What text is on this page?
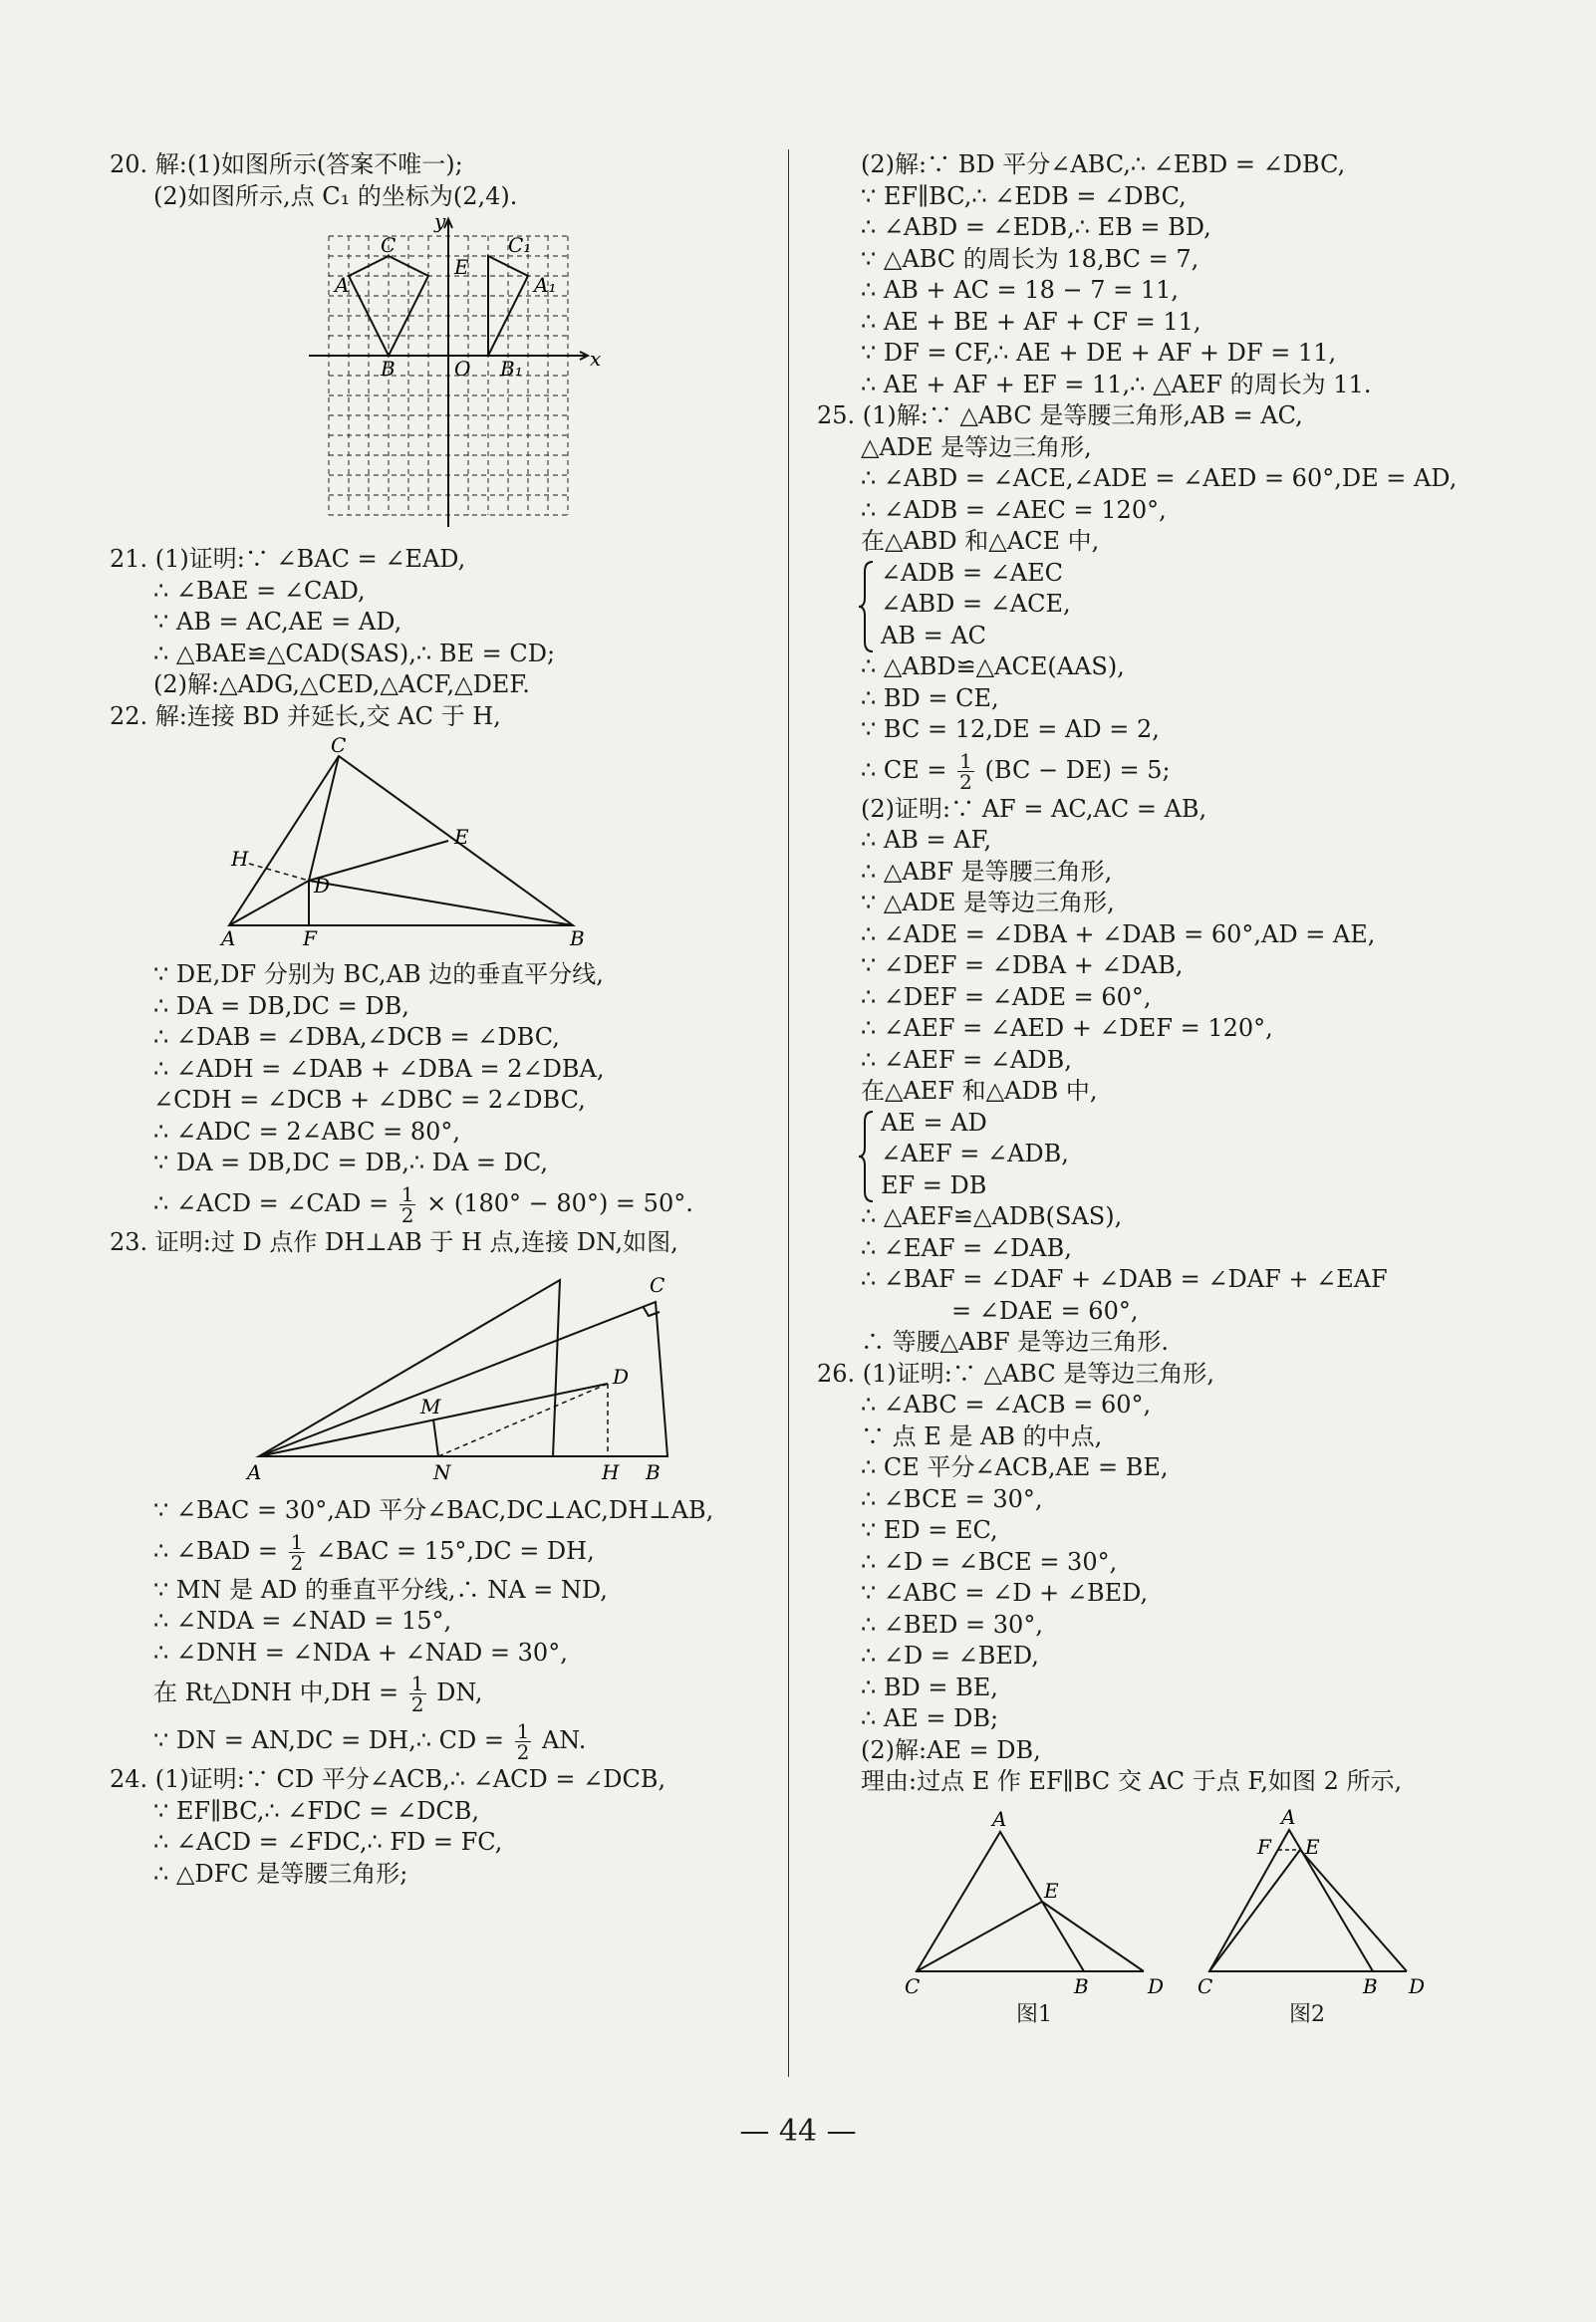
20. 解:(1)如图所示(答案不唯一);

(2)如图所示,点 C₁ 的坐标为(2,4).

y
x
C	C₁
E
A	A₁
B	O B₁

21. (1)证明:∵ ∠BAC = ∠EAD,

∴ ∠BAE = ∠CAD,

∵ AB = AC,AE = AD,

∴ △BAE≌△CAD(SAS),∴ BE = CD;

(2)解:△ADG,△CED,△ACF,△DEF.

22. 解:连接 BD 并延长,交 AC 于 H,

C
H
E
D
A	F	B

∵ DE,DF 分别为 BC,AB 边的垂直平分线,

∴ DA = DB,DC = DB,

∴ ∠DAB = ∠DBA,∠DCB = ∠DBC,

∴ ∠ADH = ∠DAB + ∠DBA = 2∠DBA,

∠CDH = ∠DCB + ∠DBC = 2∠DBC,

∴ ∠ADC = 2∠ABC = 80°,

∵ DA = DB,DC = DB,∴ DA = DC,

∴ ∠ACD = ∠CAD = $\frac{1}{2} \times (180^\circ - 80^\circ) = 50^\circ$.

23. 证明:过 D 点作 DH⊥AB 于 H 点,连接 DN,如图,

C
D
M
A	N	H B

∵ ∠BAC = 30°,AD 平分∠BAC,DC⊥AC,DH⊥AB,

∴ ∠BAD = $\frac{1}{2}$ ∠BAC = 15°,DC = DH,

∵ MN 是 AD 的垂直平分线,∴ NA = ND,

∴ ∠NDA = ∠NAD = 15°,

∴ ∠DNH = ∠NDA + ∠NAD = 30°,

在 Rt△DNH 中$,DH = \frac{1}{2}$ DN,

∵ DN = AN,DC = DH,∴ CD = $\frac{1}{2}$ AN.

24. (1)证明:∵ CD 平分∠ACB,∴ ∠ACD = ∠DCB,

∵ EF∥BC,∴ ∠FDC = ∠DCB,

∴ ∠ACD = ∠FDC,∴ FD = FC,

∴ △DFC 是等腰三角形;

(2)解:∵ BD 平分∠ABC,∴ ∠EBD = ∠DBC,

∵ EF∥BC,∴ ∠EDB = ∠DBC,

∴ ∠ABD = ∠EDB,∴ EB = BD,

∵ △ABC 的周长为 18,BC = 7,

∴ AB + AC = 18 − 7 = 11,

∴ AE + BE + AF + CF = 11,

∵ DF = CF,∴ AE + DE + AF + DF = 11,

∴ AE + AF + EF = 11,∴ △AEF 的周长为 11.

25. (1)解:∵ △ABC 是等腰三角形,AB = AC,

△ADE 是等边三角形,

∴ ∠ABD = ∠ACE,∠ADE = ∠AED = 60°,DE = AD,

∴ ∠ADB = ∠AEC = 120°,

在△ABD 和△ACE 中,

∠ADB = ∠AEC

∠ABD = ∠ACE,

AB = AC

∴ △ABD≌△ACE(AAS),

∴ BD = CE,

∵ BC = 12,DE = AD = 2,

∴ CE = $\frac{1}{2} (BC - DE) = 5$;

(2)证明:∵ AF = AC,AC = AB,

∴ AB = AF,

∴ △ABF 是等腰三角形,

∵ △ADE 是等边三角形,

∴ ∠ADE = ∠DBA + ∠DAB = 60°,AD = AE,

∵ ∠DEF = ∠DBA + ∠DAB,

∴ ∠DEF = ∠ADE = 60°,

∴ ∠AEF = ∠AED + ∠DEF = 120°,

∴ ∠AEF = ∠ADB,

在△AEF 和△ADB 中,

AE = AD

∠AEF = ∠ADB,

EF = DB

∴ △AEF≌△ADB(SAS),

∴ ∠EAF = ∠DAB,

∴ ∠BAF = ∠DAF + ∠DAB = ∠DAF + ∠EAF

= ∠DAE = 60°,

∴ 等腰△ABF 是等边三角形.

26. (1)证明:∵ △ABC 是等边三角形,

∴ ∠ABC = ∠ACB = 60°,

∵ 点 E 是 AB 的中点,

∴ CE 平分∠ACB,AE = BE,

∴ ∠BCE = 30°,

∵ ED = EC,

∴ ∠D = ∠BCE = 30°,

∵ ∠ABC = ∠D + ∠BED,

∴ ∠BED = 30°,

∴ ∠D = ∠BED,

∴ BD = BE,

∴ AE = DB;

(2)解:AE = DB,

理由:过点 E 作 EF∥BC 交 AC 于点 F,如图 2 所示,

A
E
C	B	D
A
F E
C	B D
图1	图2
— 44 —
